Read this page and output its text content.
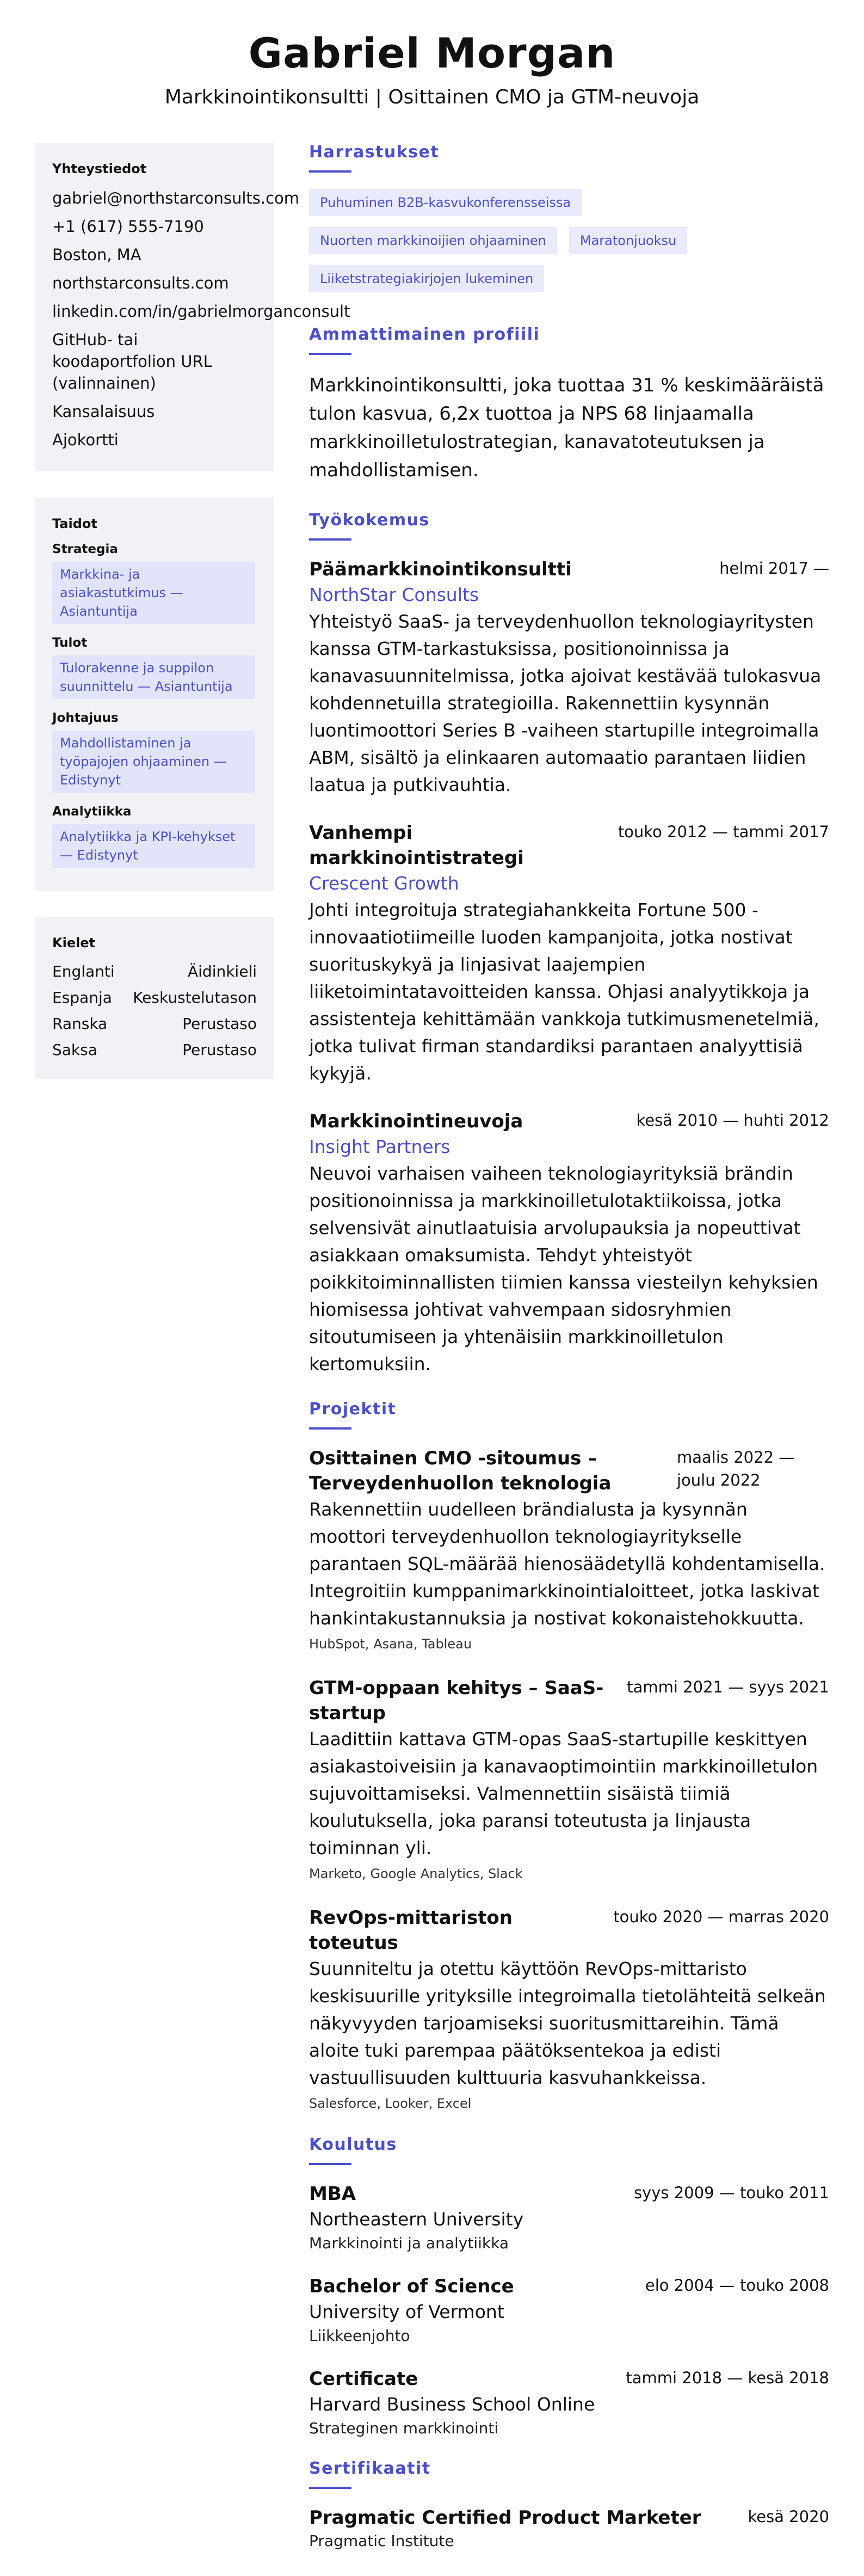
Gabriel Morgan
Markkinointikonsultti | Osittainen CMO ja GTM-neuvoja
Yhteystiedot
gabriel@northstarconsults.com
+1 (617) 555-7190
Boston, MA
northstarconsults.com
linkedin.com/in/gabrielmorganconsult
GitHub- tai koodaportfolion URL (valinnainen)
Kansalaisuus
Ajokortti
Taidot
Strategia
Markkina- ja asiakastutkimus — Asiantuntija
Tulot
Tulorakenne ja suppilon suunnittelu — Asiantuntija
Johtajuus
Mahdollistaminen ja työpajojen ohjaaminen — Edistynyt
Analytiikka
Analytiikka ja KPI-kehykset — Edistynyt
Kielet
Englanti	Äidinkieli
Espanja Keskustelutason
Ranska	Perustaso
Saksa	Perustaso
Harrastukset
Puhuminen B2B-kasvukonferensseissa
Nuorten markkinoijien ohjaaminen	Maratonjuoksu
Liiketstrategiakirjojen lukeminen
Ammattimainen profiili

Markkinointikonsultti, joka tuottaa 31 % keskimääräistä tulon kasvua, 6,2x tuottoa ja NPS 68 linjaamalla markkinoilletulostrategian, kanavatoteutuksen ja mahdollistamisen.

Työkokemus
Päämarkkinointikonsultti	helmi 2017 —
NorthStar Consults
Yhteistyö SaaS- ja terveydenhuollon teknologiayritysten kanssa GTM-tarkastuksissa, positionoinnissa ja kanavasuunnitelmissa, jotka ajoivat kestävää tulokasvua kohdennetuilla strategioilla. Rakennettiin kysynnän luontimoottori Series B -vaiheen startupille integroimalla ABM, sisältö ja elinkaaren automaatio parantaen liidien laatua ja putkivauhtia.
Vanhempi markkinointistrategi
touko 2012 — tammi 2017
Crescent Growth
Johti integroituja strategiahankkeita Fortune 500 -innovaatiotiimeille luoden kampanjoita, jotka nostivat suorituskykyä ja linjasivat laajempien liiketoimintatavoitteiden kanssa. Ohjasi analyytikkoja ja assistenteja kehittämään vankkoja tutkimusmenetelmiä, jotka tulivat firman standardiksi parantaen analyyttisiä kykyjä.
Markkinointineuvoja	kesä 2010 — huhti 2012
Insight Partners
Neuvoi varhaisen vaiheen teknologiayrityksiä brändin positionoinnissa ja markkinoilletulotaktiikoissa, jotka selvensivät ainutlaatuisia arvolupauksia ja nopeuttivat asiakkaan omaksumista. Tehdyt yhteistyöt poikkitoiminnallisten tiimien kanssa viesteilyn kehyksien hiomisessa johtivat vahvempaan sidosryhmien sitoutumiseen ja yhtenäisiin markkinoilletulon kertomuksiin.
Projektit
Osittainen CMO -sitoumus – Terveydenhuollon teknologia
maalis 2022 — joulu 2022
Rakennettiin uudelleen brändialusta ja kysynnän moottori terveydenhuollon teknologiayritykselle parantaen SQL-määrää hienosäädetyllä kohdentamisella. Integroitiin kumppanimarkkinointialoitteet, jotka laskivat hankintakustannuksia ja nostivat kokonaistehokkuutta.
HubSpot, Asana, Tableau
GTM-oppaan kehitys – SaaS-startup
tammi 2021 — syys 2021
Laadittiin kattava GTM-opas SaaS-startupille keskittyen asiakastoiveisiin ja kanavaoptimointiin markkinoilletulon sujuvoittamiseksi. Valmennettiin sisäistä tiimiä koulutuksella, joka paransi toteutusta ja linjausta toiminnan yli.
Marketo, Google Analytics, Slack
RevOps-mittariston toteutus
touko 2020 — marras 2020
Suunniteltu ja otettu käyttöön RevOps-mittaristo keskisuurille yrityksille integroimalla tietolähteitä selkeän näkyvyyden tarjoamiseksi suoritusmittareihin. Tämä aloite tuki parempaa päätöksentekoa ja edisti vastuullisuuden kulttuuria kasvuhankkeissa.
Salesforce, Looker, Excel
Koulutus
MBA	syys 2009 — touko 2011
Northeastern University
Markkinointi ja analytiikka
Bachelor of Science	elo 2004 — touko 2008
University of Vermont
Liikkeenjohto
Certificate	tammi 2018 — kesä 2018
Harvard Business School Online
Strateginen markkinointi
Sertifikaatit
Pragmatic Certified Product Marketer	kesä 2020
Pragmatic Institute
